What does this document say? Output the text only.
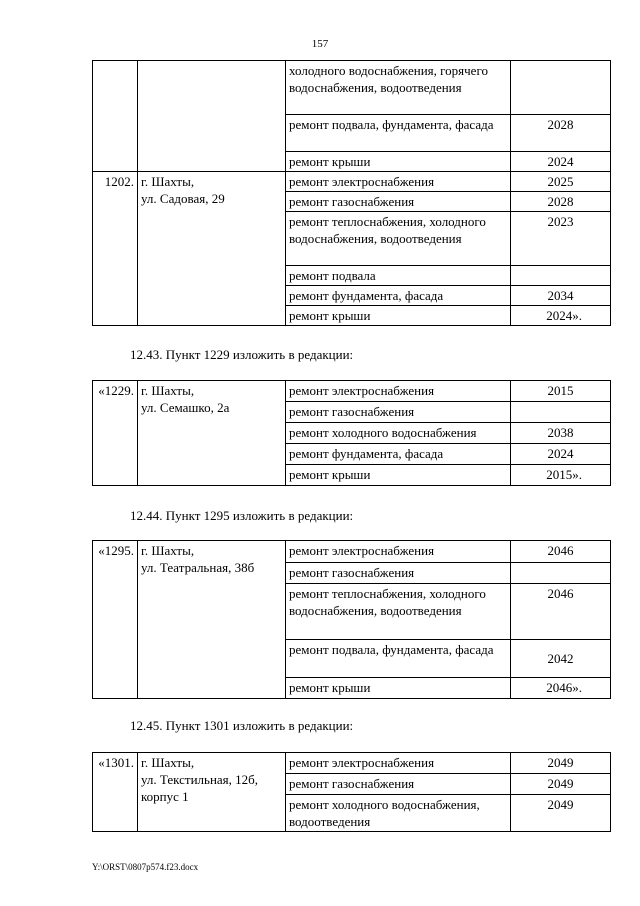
157
		холодного водоснабжения, горячего водоснабжения, водоотведения	
		ремонт подвала, фундамента, фасада	2028
		ремонт крыши	2024
1202.	г. Шахты,
ул. Садовая, 29	ремонт электроснабжения	2025
		ремонт газоснабжения	2028
		ремонт теплоснабжения, холодного водоснабжения, водоотведения	2023
		ремонт подвала	
		ремонт фундамента, фасада	2034
		ремонт крыши	2024».
12.43. Пункт 1229 изложить в редакции:
«1229.	г. Шахты,
ул. Семашко, 2а	ремонт электроснабжения	2015
		ремонт газоснабжения	
		ремонт холодного водоснабжения	2038
		ремонт фундамента, фасада	2024
		ремонт крыши	2015».
12.44. Пункт 1295 изложить в редакции:
«1295.	г. Шахты,
ул. Театральная, 38б	ремонт электроснабжения	2046
		ремонт газоснабжения	
		ремонт теплоснабжения, холодного водоснабжения, водоотведения	2046
		ремонт подвала, фундамента, фасада	2042
		ремонт крыши	2046».
12.45. Пункт 1301 изложить в редакции:
«1301.	г. Шахты,
ул. Текстильная, 12б,
корпус 1	ремонт электроснабжения	2049
		ремонт газоснабжения	2049
		ремонт холодного водоснабжения, водоотведения	2049
Y:\ORST\0807p574.f23.docx
